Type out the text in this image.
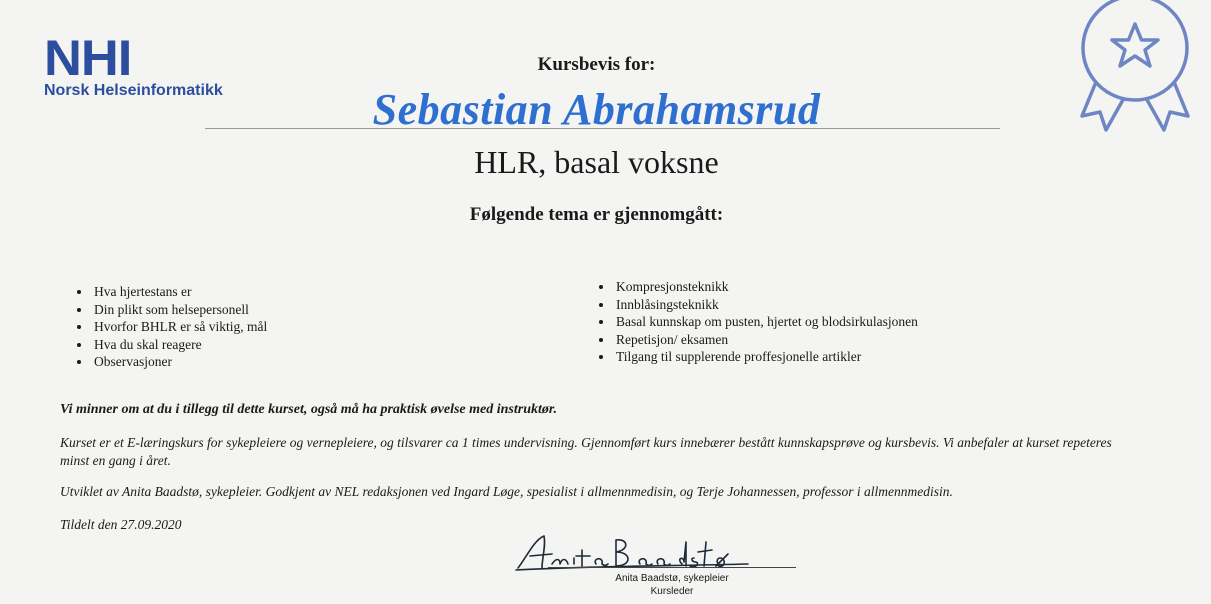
NHI
Norsk Helseinformatikk
Kursbevis for:
Sebastian Abrahamsrud
HLR, basal voksne
Følgende tema er gjennomgått:
• Hva hjertestans er
• Din plikt som helsepersonell
• Hvorfor BHLR er så viktig, mål
• Hva du skal reagere
• Observasjoner
• Kompresjonsteknikk
• Innblåsingsteknikk
• Basal kunnskap om pusten, hjertet og blodsirkulasjonen
• Repetisjon/ eksamen
• Tilgang til supplerende proffesjonelle artikler
Vi minner om at du i tillegg til dette kurset, også må ha praktisk øvelse med instruktør.
Kurset er et E-læringskurs for sykepleiere og vernepleiere, og tilsvarer ca 1 times undervisning. Gjennomført kurs innebærer bestått kunnskapsprøve og kursbevis. Vi anbefaler at kurset repeteres minst en gang i året.
Utviklet av Anita Baadstø, sykepleier. Godkjent av NEL redaksjonen ved Ingard Løge, spesialist i allmennmedisin, og Terje Johannessen, professor i allmennmedisin.
Tildelt den 27.09.2020
Anita Baadstø, sykepleier
Kursleder
